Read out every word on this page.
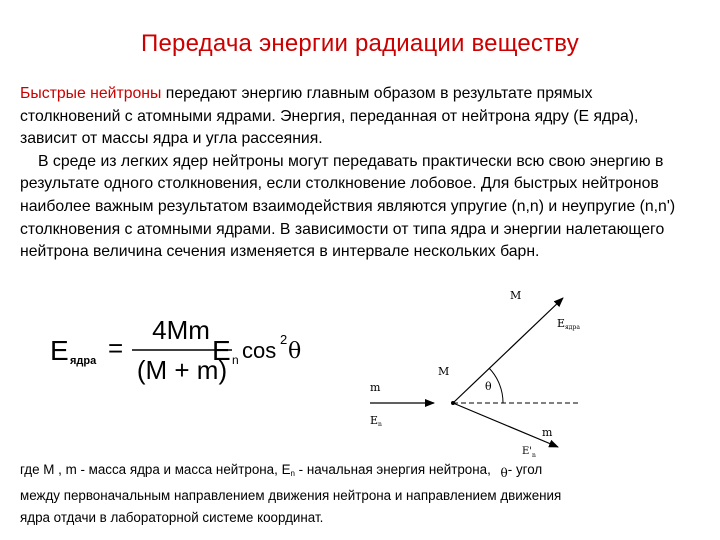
Передача энергии радиации веществу

Быстрые нейтроны передают энергию главным образом в результате прямых столкновений с атомными ядрами. Энергия, переданная от нейтрона ядру (E ядра), зависит от массы ядра и угла рассеяния.

В среде из легких ядер нейтроны могут передавать практически всю свою энергию в результате одного столкновения, если столкновение лобовое. Для быстрых нейтронов наиболее важным результатом взаимодействия являются упругие (n,n) и неупругие (n,n') столкновения с атомными ядрами. В зависимости от типа ядра и энергии налетающего нейтрона величина сечения изменяется в интервале нескольких барн.

E ядра =
4Mm
(M + m)
E n cos 2 θ
M
E ядра
M
m
E n
θ
E' n
m

где M , m - масса ядра и масса нейтрона, $E_n$ - начальная энергия нейтрона, θ- угол

между первоначальным направлением движения нейтрона и направлением движения

ядра отдачи в лабораторной системе координат.
